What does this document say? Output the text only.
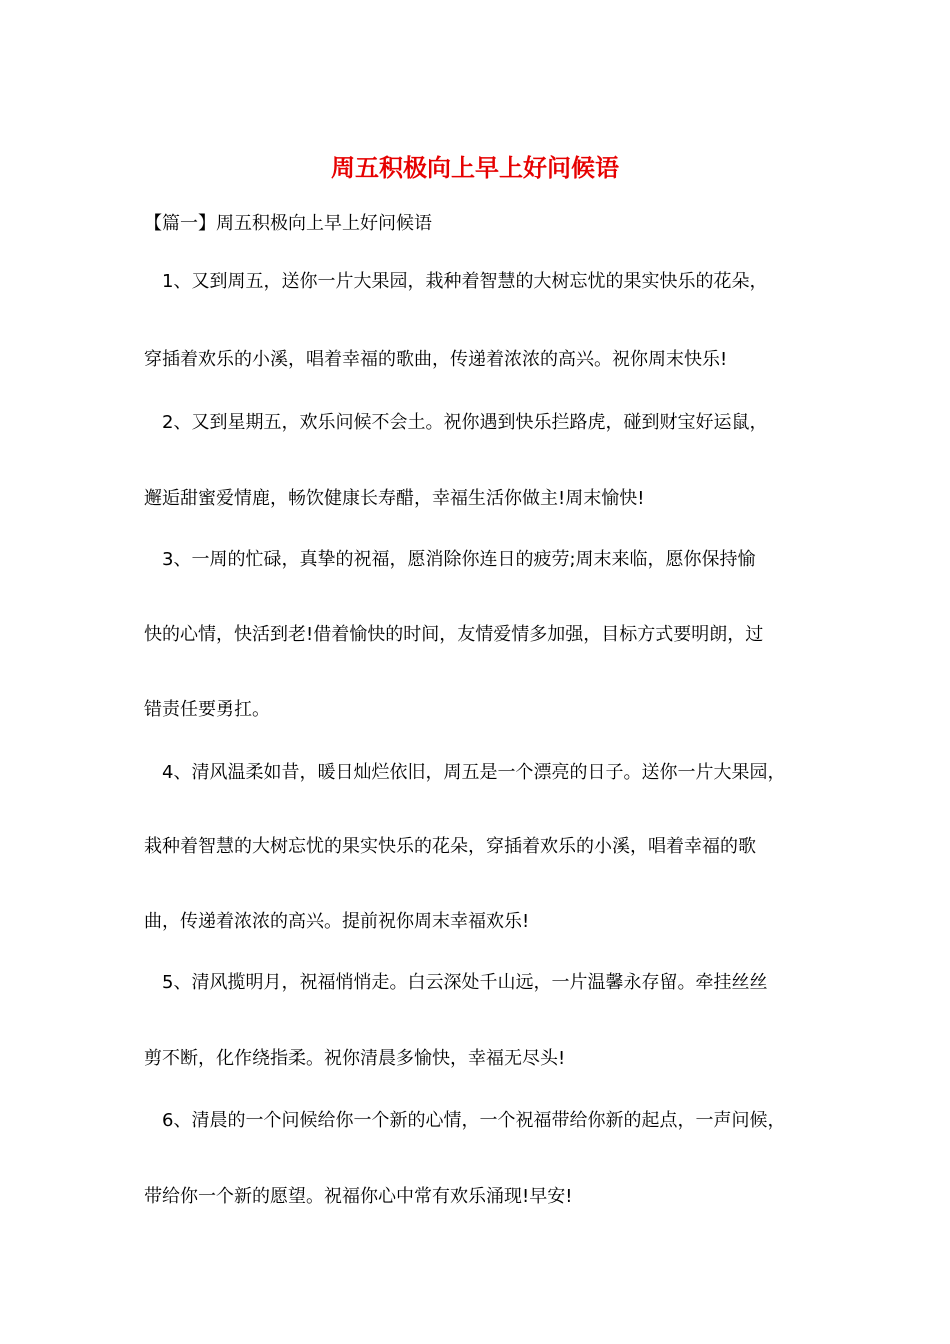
周五积极向上早上好问候语
【篇一】周五积极向上早上好问候语
1、又到周五，送你一片大果园，栽种着智慧的大树忘忧的果实快乐的花朵，
穿插着欢乐的小溪，唱着幸福的歌曲，传递着浓浓的高兴。祝你周末快乐!
2、又到星期五，欢乐问候不会土。祝你遇到快乐拦路虎，碰到财宝好运鼠，
邂逅甜蜜爱情鹿，畅饮健康长寿醋，幸福生活你做主!周末愉快!
3、一周的忙碌，真挚的祝福，愿消除你连日的疲劳;周末来临，愿你保持愉
快的心情，快活到老!借着愉快的时间，友情爱情多加强，目标方式要明朗，过
错责任要勇扛。
4、清风温柔如昔，暖日灿烂依旧，周五是一个漂亮的日子。送你一片大果园，
栽种着智慧的大树忘忧的果实快乐的花朵，穿插着欢乐的小溪，唱着幸福的歌
曲，传递着浓浓的高兴。提前祝你周末幸福欢乐!
5、清风揽明月，祝福悄悄走。白云深处千山远，一片温馨永存留。牵挂丝丝
剪不断，化作绕指柔。祝你清晨多愉快，幸福无尽头!
6、清晨的一个问候给你一个新的心情，一个祝福带给你新的起点，一声问候，
带给你一个新的愿望。祝福你心中常有欢乐涌现!早安!
